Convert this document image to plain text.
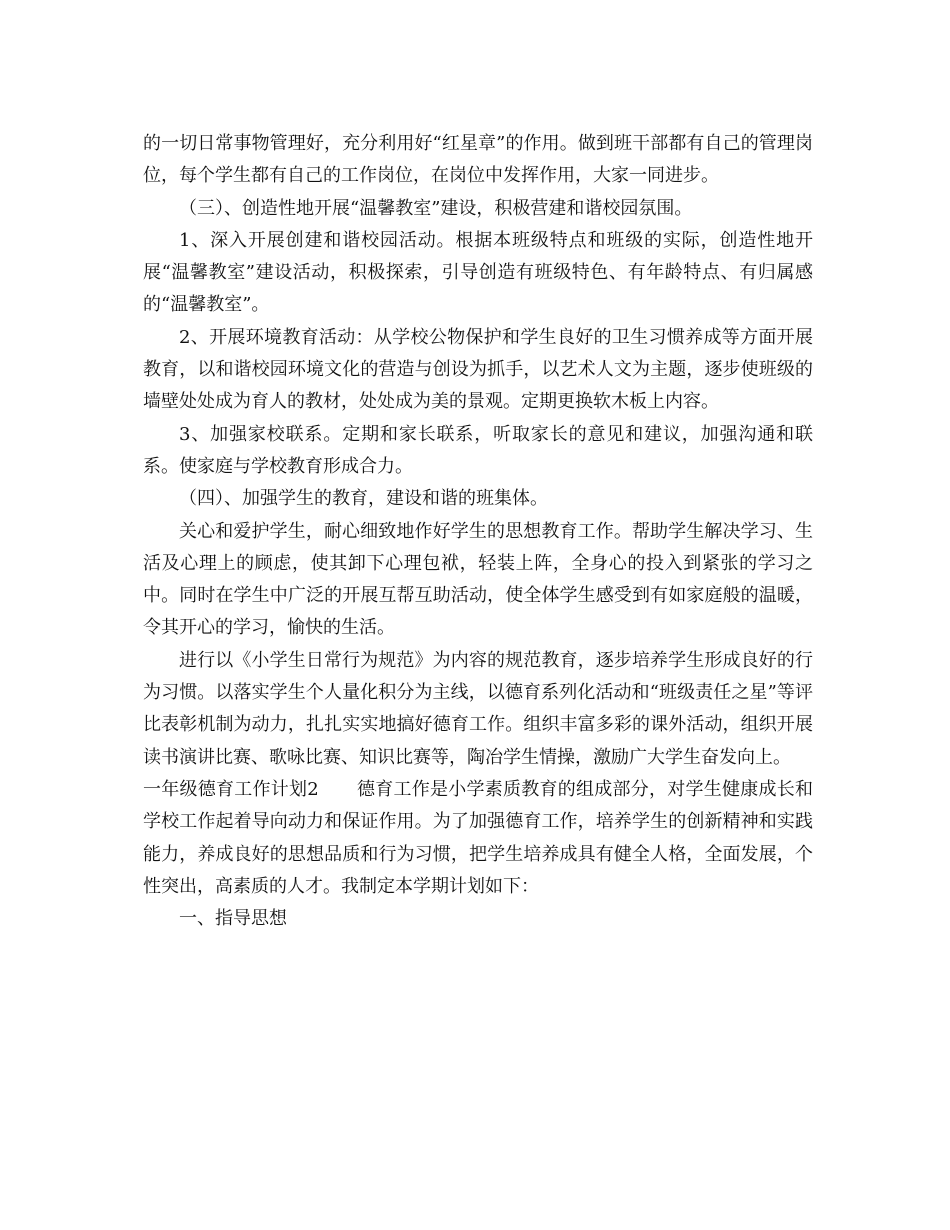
的一切日常事物管理好，充分利用好“红星章”的作用。做到班干部都有自己的管理岗位，每个学生都有自己的工作岗位，在岗位中发挥作用，大家一同进步。

（三）、创造性地开展“温馨教室”建设，积极营建和谐校园氛围。

1、深入开展创建和谐校园活动。根据本班级特点和班级的实际，创造性地开展“温馨教室”建设活动，积极探索，引导创造有班级特色、有年龄特点、有归属感的“温馨教室”。

2、开展环境教育活动：从学校公物保护和学生良好的卫生习惯养成等方面开展教育，以和谐校园环境文化的营造与创设为抓手，以艺术人文为主题，逐步使班级的墙壁处处成为育人的教材，处处成为美的景观。定期更换软木板上内容。

3、加强家校联系。定期和家长联系，听取家长的意见和建议，加强沟通和联系。使家庭与学校教育形成合力。

（四）、加强学生的教育，建设和谐的班集体。

关心和爱护学生，耐心细致地作好学生的思想教育工作。帮助学生解决学习、生活及心理上的顾虑，使其卸下心理包袱，轻装上阵，全身心的投入到紧张的学习之中。同时在学生中广泛的开展互帮互助活动，使全体学生感受到有如家庭般的温暖，令其开心的学习，愉快的生活。

进行以《小学生日常行为规范》为内容的规范教育，逐步培养学生形成良好的行为习惯。以落实学生个人量化积分为主线，以德育系列化活动和“班级责任之星”等评比表彰机制为动力，扎扎实实地搞好德育工作。组织丰富多彩的课外活动，组织开展读书演讲比赛、歌咏比赛、知识比赛等，陶冶学生情操，激励广大学生奋发向上。

一年级德育工作计划2 德育工作是小学素质教育的组成部分，对学生健康成长和学校工作起着导向动力和保证作用。为了加强德育工作，培养学生的创新精神和实践能力，养成良好的思想品质和行为习惯，把学生培养成具有健全人格，全面发展，个性突出，高素质的人才。我制定本学期计划如下：

一、指导思想
